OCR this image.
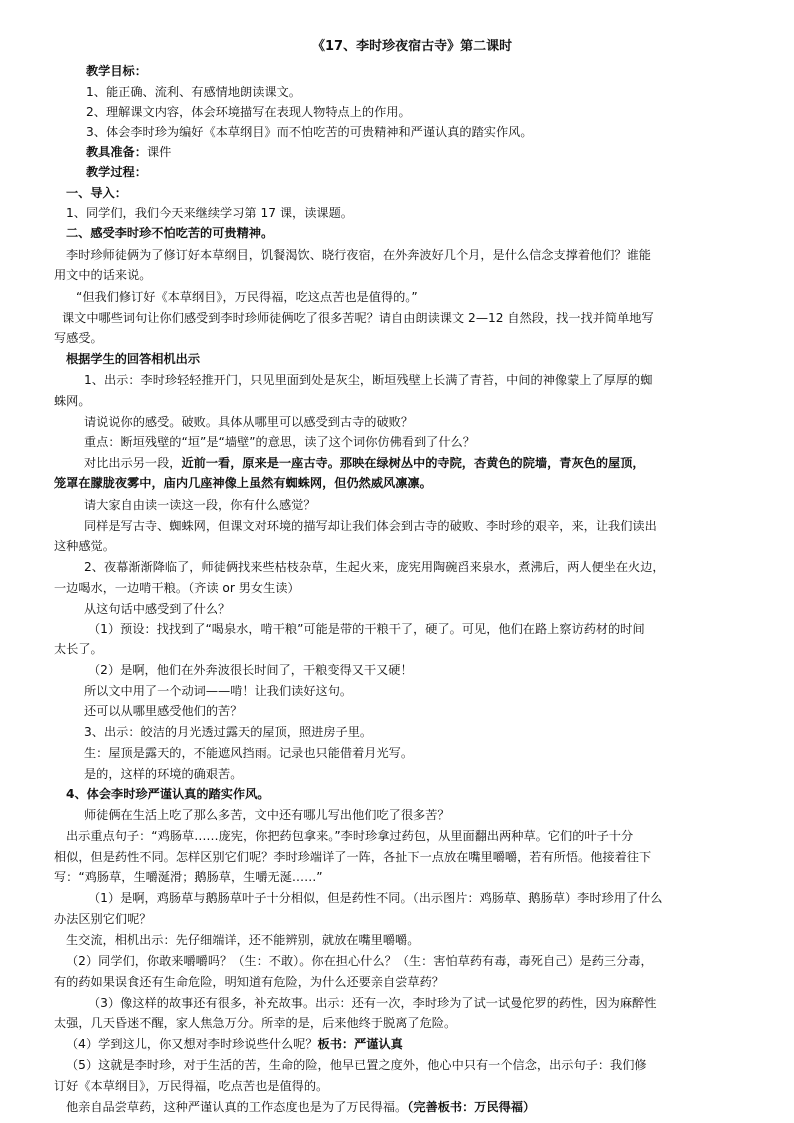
《17、李时珍夜宿古寺》第二课时
教学目标：
1、能正确、流利、有感情地朗读课文。
2、理解课文内容，体会环境描写在表现人物特点上的作用。
3、体会李时珍为编好《本草纲目》而不怕吃苦的可贵精神和严谨认真的踏实作风。
教具准备：课件
教学过程：
一、导入：
1、同学们，我们今天来继续学习第 17 课，读课题。
二、感受李时珍不怕吃苦的可贵精神。
李时珍师徒俩为了修订好本草纲目，饥餐渴饮、晓行夜宿，在外奔波好几个月，是什么信念支撑着他们？谁能
用文中的话来说。
“但我们修订好《本草纲目》，万民得福，吃这点苦也是值得的。”
课文中哪些词句让你们感受到李时珍师徒俩吃了很多苦呢？请自由朗读课文 2—12 自然段，找一找并简单地写
写感受。
根据学生的回答相机出示
1、出示：李时珍轻轻推开门，只见里面到处是灰尘，断垣残壁上长满了青苔，中间的神像蒙上了厚厚的蜘
蛛网。
请说说你的感受。破败。具体从哪里可以感受到古寺的破败？
重点：断垣残壁的“垣”是“墙壁”的意思，读了这个词你仿佛看到了什么？
对比出示另一段，近前一看，原来是一座古寺。那映在绿树丛中的寺院，杏黄色的院墙，青灰色的屋顶，
笼罩在朦胧夜雾中，庙内几座神像上虽然有蜘蛛网，但仍然威风凛凛。
请大家自由读一读这一段，你有什么感觉？
同样是写古寺、蜘蛛网，但课文对环境的描写却让我们体会到古寺的破败、李时珍的艰辛，来，让我们读出
这种感觉。
2、夜幕渐渐降临了，师徒俩找来些枯枝杂草，生起火来，庞宪用陶碗舀来泉水，煮沸后，两人便坐在火边，
一边喝水，一边啃干粮。（齐读 or 男女生读）
从这句话中感受到了什么？
（1）预设：找找到了“喝泉水，啃干粮”可能是带的干粮干了，硬了。可见，他们在路上察访药材的时间
太长了。
（2）是啊，他们在外奔波很长时间了，干粮变得又干又硬！
所以文中用了一个动词——啃！让我们读好这句。
还可以从哪里感受他们的苦？
3、出示：皎洁的月光透过露天的屋顶，照进房子里。
生：屋顶是露天的，不能遮风挡雨。记录也只能借着月光写。
是的，这样的环境的确艰苦。
4、体会李时珍严谨认真的踏实作风。
师徒俩在生活上吃了那么多苦，文中还有哪儿写出他们吃了很多苦？
出示重点句子：“鸡肠草……庞宪，你把药包拿来。”李时珍拿过药包，从里面翻出两种草。它们的叶子十分
相似，但是药性不同。怎样区别它们呢？李时珍端详了一阵，各扯下一点放在嘴里嚼嚼，若有所悟。他接着往下
写：“鸡肠草，生嚼涎滑；鹅肠草，生嚼无涎……”
（1）是啊，鸡肠草与鹅肠草叶子十分相似，但是药性不同。（出示图片：鸡肠草、鹅肠草）李时珍用了什么
办法区别它们呢？
生交流，相机出示：先仔细端详，还不能辨别，就放在嘴里嚼嚼。
（2）同学们，你敢来嚼嚼吗？（生：不敢）。你在担心什么？（生：害怕草药有毒，毒死自己）是药三分毒，
有的药如果误食还有生命危险，明知道有危险，为什么还要亲自尝草药？
（3）像这样的故事还有很多，补充故事。出示：还有一次，李时珍为了试一试曼佗罗的药性，因为麻醉性
太强，几天昏迷不醒，家人焦急万分。所幸的是，后来他终于脱离了危险。
（4）学到这儿，你又想对李时珍说些什么呢？板书：严谨认真
（5）这就是李时珍，对于生活的苦，生命的险，他早已置之度外，他心中只有一个信念，出示句子：我们修
订好《本草纲目》，万民得福，吃点苦也是值得的。
他亲自品尝草药，这种严谨认真的工作态度也是为了万民得福。（完善板书：万民得福）
